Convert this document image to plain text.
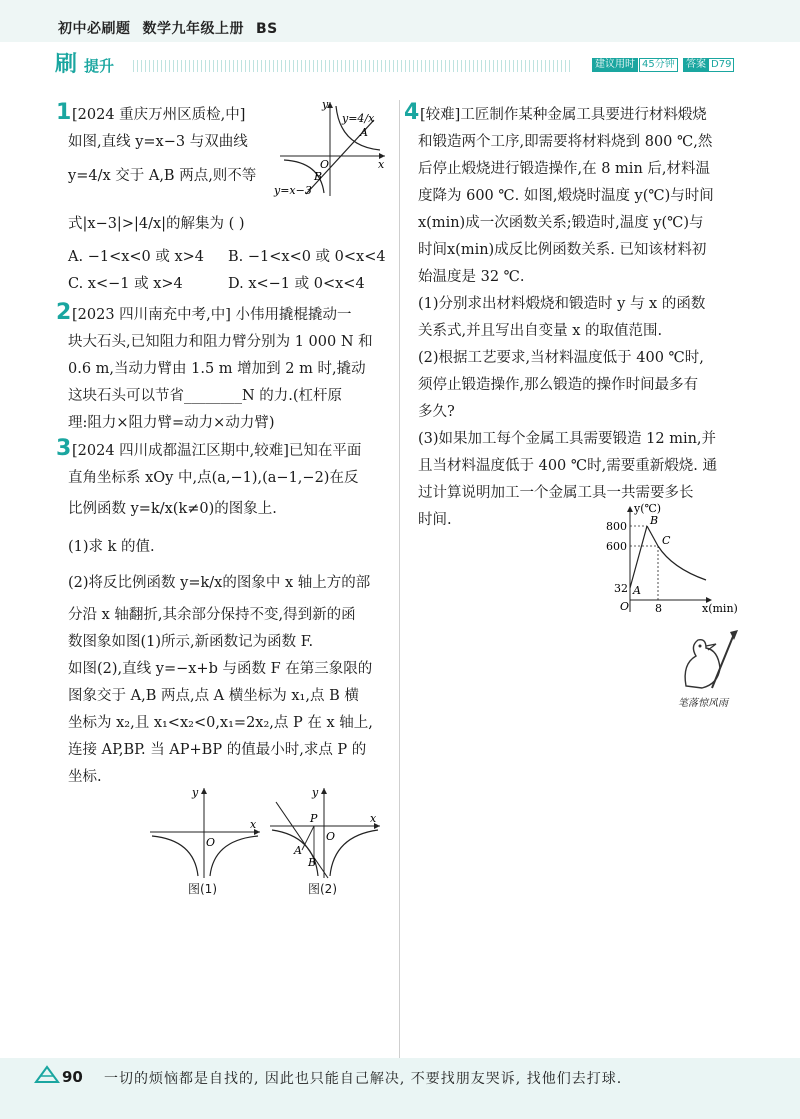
初中必刷题 数学九年级上册 BS
刷 提升	建议用时 45分钟	答案 D79
1 [2024 重庆万州区质检,中]
如图,直线 y=x−3 与双曲线
y=4/x 交于 A,B 两点,则不等
式|x−3|>|4/x|的解集为 ( )
A. −1<x<0 或 x>4 B. −1<x<0 或 0<x<4
C. x<−1 或 x>4	D. x<−1 或 0<x<4
y=4/x
y=x−3
A
B
O	x
y
2 [2023 四川南充中考,中] 小伟用撬棍撬动一
块大石头,已知阻力和阻力臂分别为 1 000 N 和
0.6 m,当动力臂由 1.5 m 增加到 2 m 时,撬动
这块石头可以节省________N 的力.(杠杆原
理:阻力×阻力臂=动力×动力臂)
3 [2024 四川成都温江区期中,较难]已知在平面
直角坐标系 xOy 中,点(a,−1),(a−1,−2)在反
比例函数 y=k/x(k≠0)的图象上.
(1)求 k 的值.
(2)将反比例函数 y=k/x的图象中 x 轴上方的部
分沿 x 轴翻折,其余部分保持不变,得到新的函
数图象如图(1)所示,新函数记为函数 F.
如图(2),直线 y=−x+b 与函数 F 在第三象限的
图象交于 A,B 两点,点 A 横坐标为 x₁,点 B 横
坐标为 x₂,且 x₁<x₂<0,x₁=2x₂,点 P 在 x 轴上,
连接 AP,BP. 当 AP+BP 的值最小时,求点 P 的
坐标.
O
x
y
图(1)
P
A
B
O
x
y
图(2)
4 [较难]工匠制作某种金属工具要进行材料煅烧
和锻造两个工序,即需要将材料烧到 800 ℃,然
后停止煅烧进行锻造操作,在 8 min 后,材料温
度降为 600 ℃. 如图,煅烧时温度 y(℃)与时间
x(min)成一次函数关系;锻造时,温度 y(℃)与
时间x(min)成反比例函数关系. 已知该材料初
始温度是 32 ℃.
(1)分别求出材料煅烧和锻造时 y 与 x 的函数
关系式,并且写出自变量 x 的取值范围.
(2)根据工艺要求,当材料温度低于 400 ℃时,
须停止锻造操作,那么锻造的操作时间最多有
多久?
(3)如果加工每个金属工具需要锻造 12 min,并
且当材料温度低于 400 ℃时,需要重新煅烧. 通
过计算说明加工一个金属工具一共需要多长
时间.
y(℃)
x(min)
800
600
32
8
O
A
B
C
笔落惊风雨
90 一切的烦恼都是自找的, 因此也只能自己解决, 不要找朋友哭诉, 找他们去打球.
